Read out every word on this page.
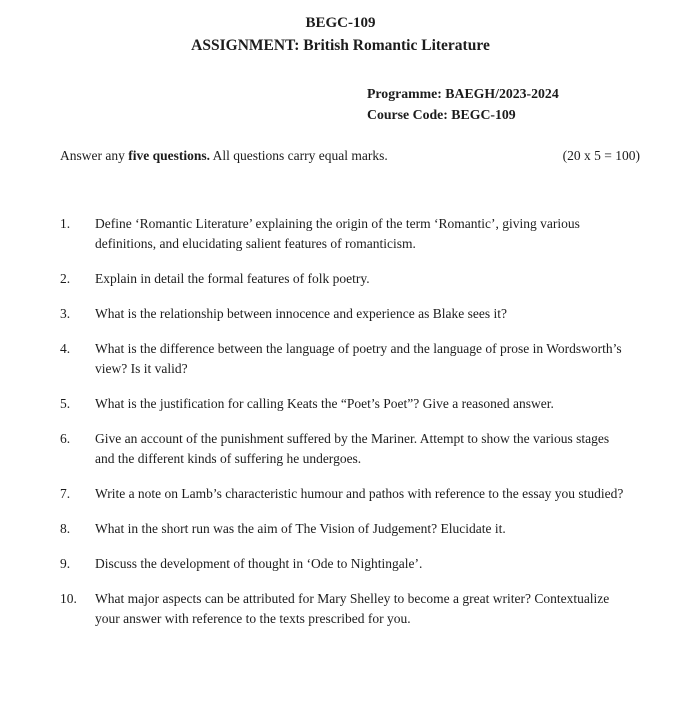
BEGC-109
ASSIGNMENT: British Romantic Literature
Programme: BAEGH/2023-2024
Course Code: BEGC-109
Answer any five questions. All questions carry equal marks.	(20 x 5 = 100)
1.	Define ‘Romantic Literature’ explaining the origin of the term ‘Romantic’, giving various definitions, and elucidating salient features of romanticism.
2.	Explain in detail the formal features of folk poetry.
3.	What is the relationship between innocence and experience as Blake sees it?
4.	What is the difference between the language of poetry and the language of prose in Wordsworth’s view? Is it valid?
5.	What is the justification for calling Keats the “Poet’s Poet”? Give a reasoned answer.
6.	Give an account of the punishment suffered by the Mariner. Attempt to show the various stages and the different kinds of suffering he undergoes.
7.	Write a note on Lamb’s characteristic humour and pathos with reference to the essay you studied?
8.	What in the short run was the aim of The Vision of Judgement? Elucidate it.
9.	Discuss the development of thought in ‘Ode to Nightingale’.
10.	What major aspects can be attributed for Mary Shelley to become a great writer? Contextualize your answer with reference to the texts prescribed for you.
